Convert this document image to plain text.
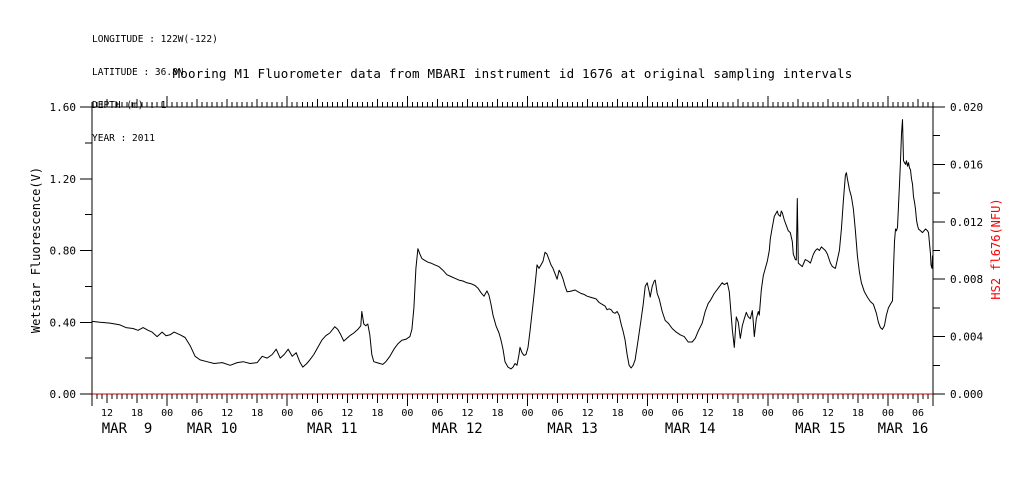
LONGITUDE : 122W(-122)

LATITUDE : 36.8N

DEPTH (m) : 1

YEAR : 2011

Mooring M1 Fluorometer data from MBARI instrument id 1676 at original sampling intervals
Wetstar Fluorescence(V)	HS2 fl676(NFU)
0.00
0.40
0.80
1.20
1.60
0.000
0.004
0.008
0.012
0.016
0.020
12 18 00 06 12 18 00 06 12 18 00 06 12 18 00 06 12 18 00 06 12 18 00 06 12 18 00 06
MAR  9 MAR 10	MAR 11	MAR 12	MAR 13	MAR 14	MAR 15 MAR 16
